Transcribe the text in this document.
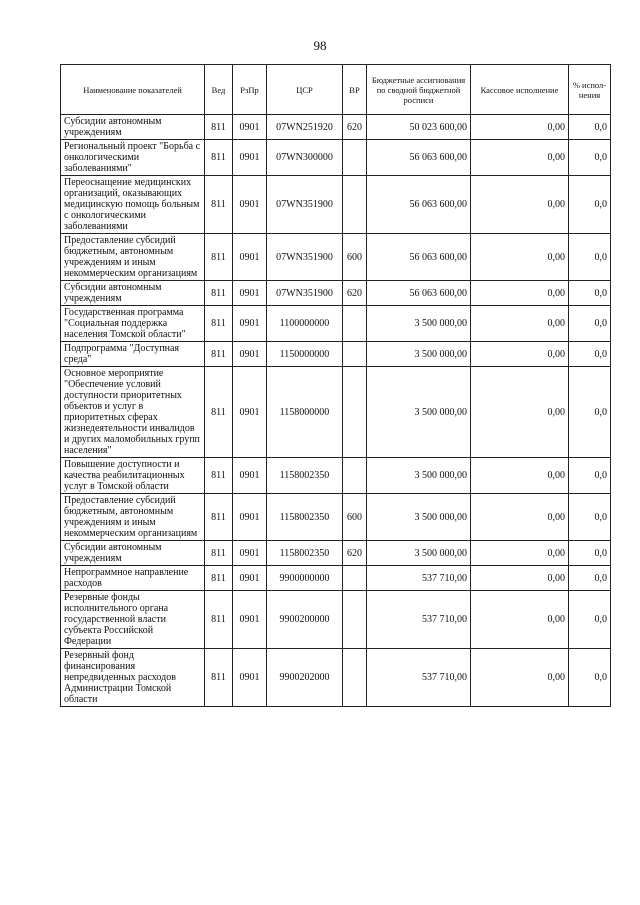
98
Наименование показателей	Вед	РзПр	ЦСР	ВР	Бюджетные ассигнования по сводной бюджетной росписи	Кассовое исполнение	% испол-нения
Субсидии автономным учреждениям	811	0901	07WN251920	620	50 023 600,00	0,00	0,0
Региональный проект "Борьба с онкологическими заболеваниями"	811	0901	07WN300000		56 063 600,00	0,00	0,0
Переоснащение медицинских организаций, оказывающих медицинскую помощь больным с онкологическими заболеваниями	811	0901	07WN351900		56 063 600,00	0,00	0,0
Предоставление субсидий бюджетным, автономным учреждениям и иным некоммерческим организациям	811	0901	07WN351900	600	56 063 600,00	0,00	0,0
Субсидии автономным учреждениям	811	0901	07WN351900	620	56 063 600,00	0,00	0,0
Государственная программа "Социальная поддержка населения Томской области"	811	0901	1100000000		3 500 000,00	0,00	0,0
Подпрограмма "Доступная среда"	811	0901	1150000000		3 500 000,00	0,00	0,0
Основное мероприятие "Обеспечение условий доступности приоритетных объектов и услуг в приоритетных сферах жизнедеятельности инвалидов и других маломобильных групп населения"	811	0901	1158000000		3 500 000,00	0,00	0,0
Повышение доступности и качества реабилитационных услуг в Томской области	811	0901	1158002350		3 500 000,00	0,00	0,0
Предоставление субсидий бюджетным, автономным учреждениям и иным некоммерческим организациям	811	0901	1158002350	600	3 500 000,00	0,00	0,0
Субсидии автономным учреждениям	811	0901	1158002350	620	3 500 000,00	0,00	0,0
Непрограммное направление расходов	811	0901	9900000000		537 710,00	0,00	0,0
Резервные фонды исполнительного органа государственной власти субъекта Российской Федерации	811	0901	9900200000		537 710,00	0,00	0,0
Резервный фонд финансирования непредвиденных расходов Администрации Томской области	811	0901	9900202000		537 710,00	0,00	0,0
